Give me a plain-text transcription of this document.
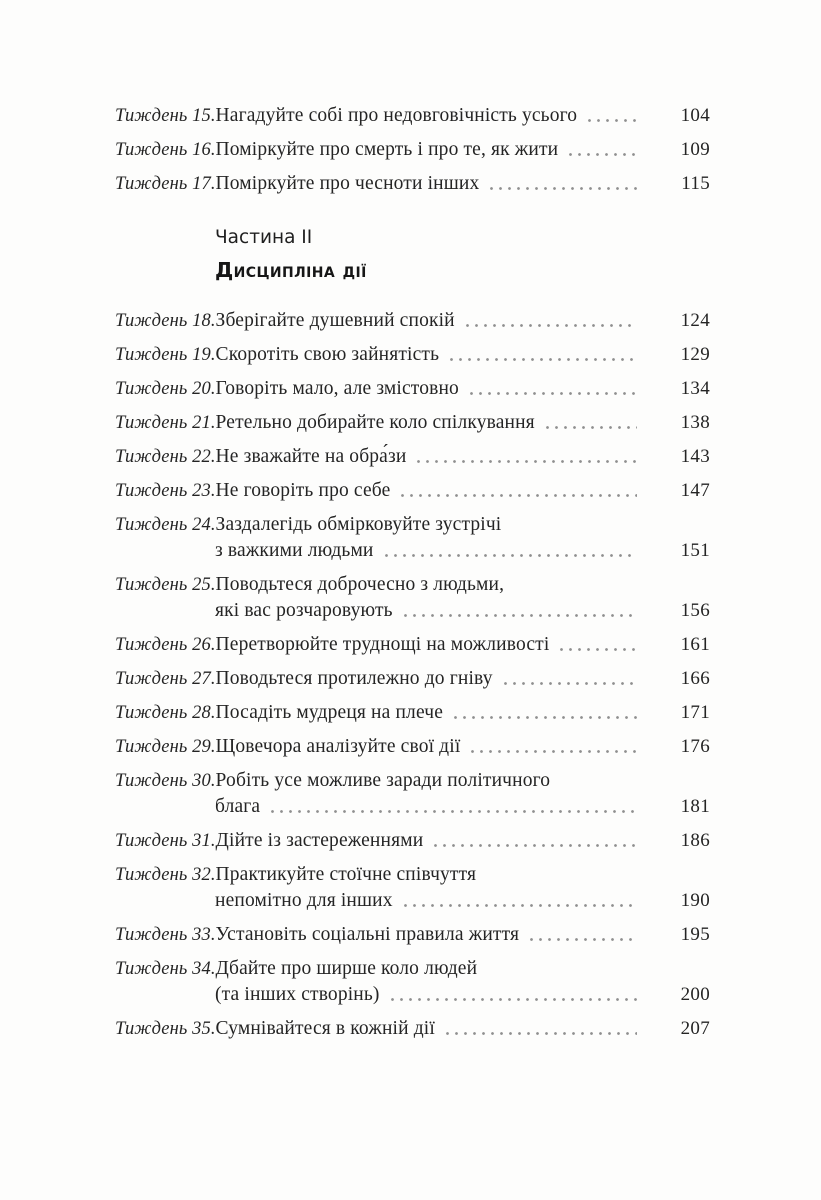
Тиждень 15. Нагадуйте собі про недовговічність усього	104
Тиждень 16. Поміркуйте про смерть і про те, як жити	109
Тиждень 17. Поміркуйте про чесноти інших	115
Частина II
Дисципліна дії
Тиждень 18. Зберігайте душевний спокій	124
Тиждень 19. Скоротіть свою зайнятість	129
Тиждень 20. Говоріть мало, але змістовно	134
Тиждень 21. Ретельно добирайте коло спілкування	138
Тиждень 22. Не зважайте на обра́зи	143
Тиждень 23. Не говоріть про себе	147
Тиждень 24. Заздалегідь обмірковуйте зустрічі
з важкими людьми	151
Тиждень 25. Поводьтеся доброчесно з людьми,
які вас розчаровують	156
Тиждень 26. Перетворюйте труднощі на можливості	161
Тиждень 27. Поводьтеся протилежно до гніву	166
Тиждень 28. Посадіть мудреця на плече	171
Тиждень 29. Щовечора аналізуйте свої дії	176
Тиждень 30. Робіть усе можливе заради політичного
блага	181
Тиждень 31. Дійте із застереженнями	186
Тиждень 32. Практикуйте стоїчне співчуття
непомітно для інших	190
Тиждень 33. Установіть соціальні правила життя	195
Тиждень 34. Дбайте про ширше коло людей
(та інших створінь)	200
Тиждень 35. Сумнівайтеся в кожній дії	207
